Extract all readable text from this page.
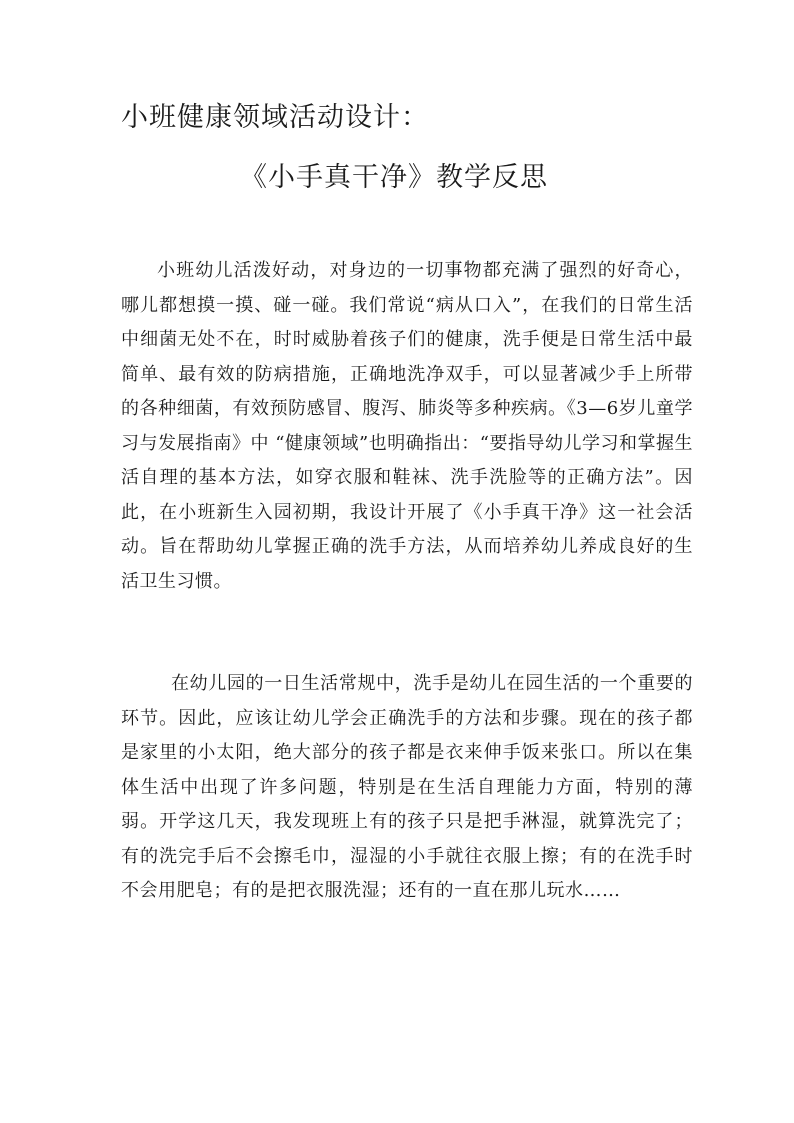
小班健康领域活动设计：
《小手真干净》教学反思
小班幼儿活泼好动，对身边的一切事物都充满了强烈的好奇心，哪儿都想摸一摸、碰一碰。我们常说“病从口入”，在我们的日常生活中细菌无处不在，时时威胁着孩子们的健康，洗手便是日常生活中最简单、最有效的防病措施，正确地洗净双手，可以显著减少手上所带的各种细菌，有效预防感冒、腹泻、肺炎等多种疾病。《3—6岁儿童学习与发展指南》中 “健康领域”也明确指出：“要指导幼儿学习和掌握生活自理的基本方法，如穿衣服和鞋袜、洗手洗脸等的正确方法”。因此，在小班新生入园初期，我设计开展了《小手真干净》这一社会活动。旨在帮助幼儿掌握正确的洗手方法，从而培养幼儿养成良好的生活卫生习惯。
在幼儿园的一日生活常规中，洗手是幼儿在园生活的一个重要的环节。因此，应该让幼儿学会正确洗手的方法和步骤。现在的孩子都是家里的小太阳，绝大部分的孩子都是衣来伸手饭来张口。所以在集体生活中出现了许多问题，特别是在生活自理能力方面，特别的薄弱。开学这几天，我发现班上有的孩子只是把手淋湿，就算洗完了；有的洗完手后不会擦毛巾，湿湿的小手就往衣服上擦；有的在洗手时不会用肥皂；有的是把衣服洗湿；还有的一直在那儿玩水……
